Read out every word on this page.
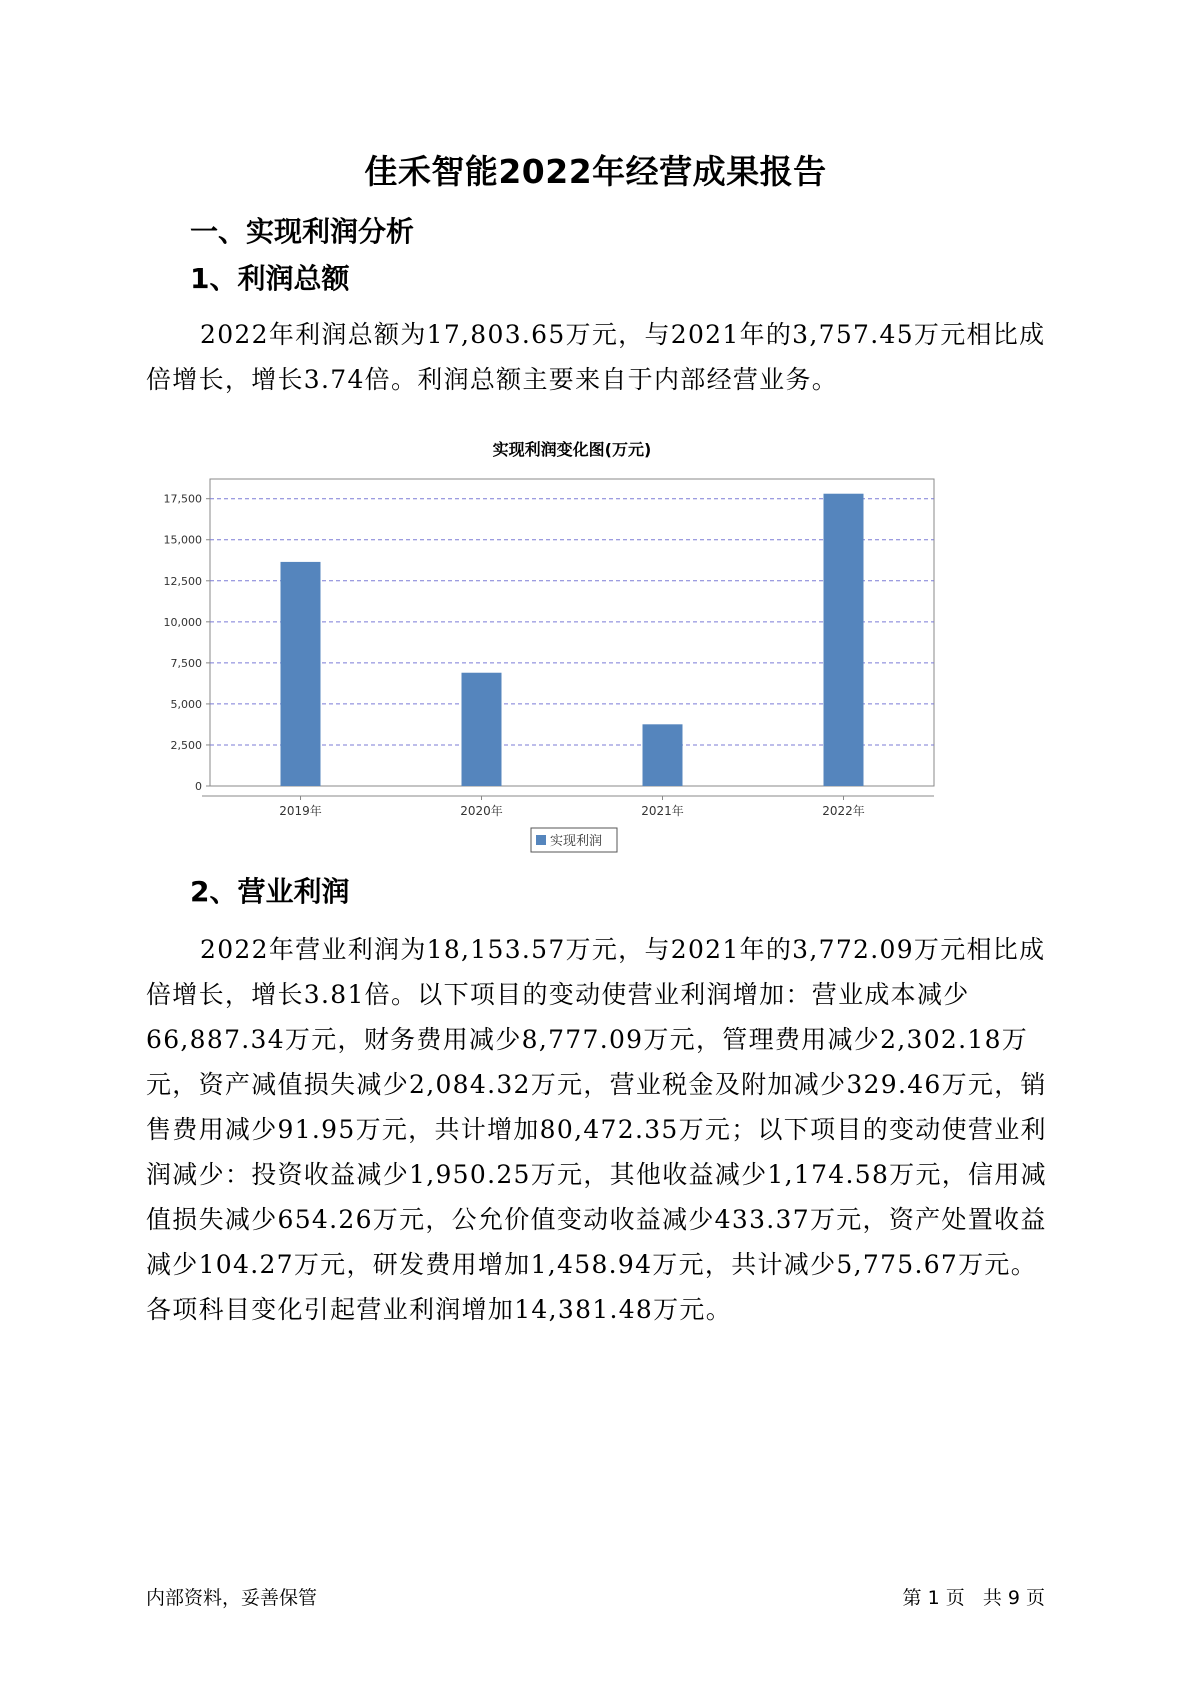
佳禾智能2022年经营成果报告
一、实现利润分析
1、利润总额

2022年利润总额为17,803.65万元，与2021年的3,757.45万元相比成倍增长，增长3.74倍。利润总额主要来自于内部经营业务。

实现利润变化图(万元)
0
2,500
5,000
7,500
10,000
12,500
15,000
17,500
2019年	2020年	2021年	2022年
实现利润
2、营业利润

2022年营业利润为18,153.57万元，与2021年的3,772.09万元相比成倍增长，增长3.81倍。以下项目的变动使营业利润增加：营业成本减少66,887.34万元，财务费用减少8,777.09万元，管理费用减少2,302.18万元，资产减值损失减少2,084.32万元，营业税金及附加减少329.46万元，销售费用减少91.95万元，共计增加80,472.35万元；以下项目的变动使营业利润减少：投资收益减少1,950.25万元，其他收益减少1,174.58万元，信用减值损失减少654.26万元，公允价值变动收益减少433.37万元，资产处置收益减少104.27万元，研发费用增加1,458.94万元，共计减少5,775.67万元。各项科目变化引起营业利润增加14,381.48万元。

内部资料，妥善保管	第 1 页   共 9 页
